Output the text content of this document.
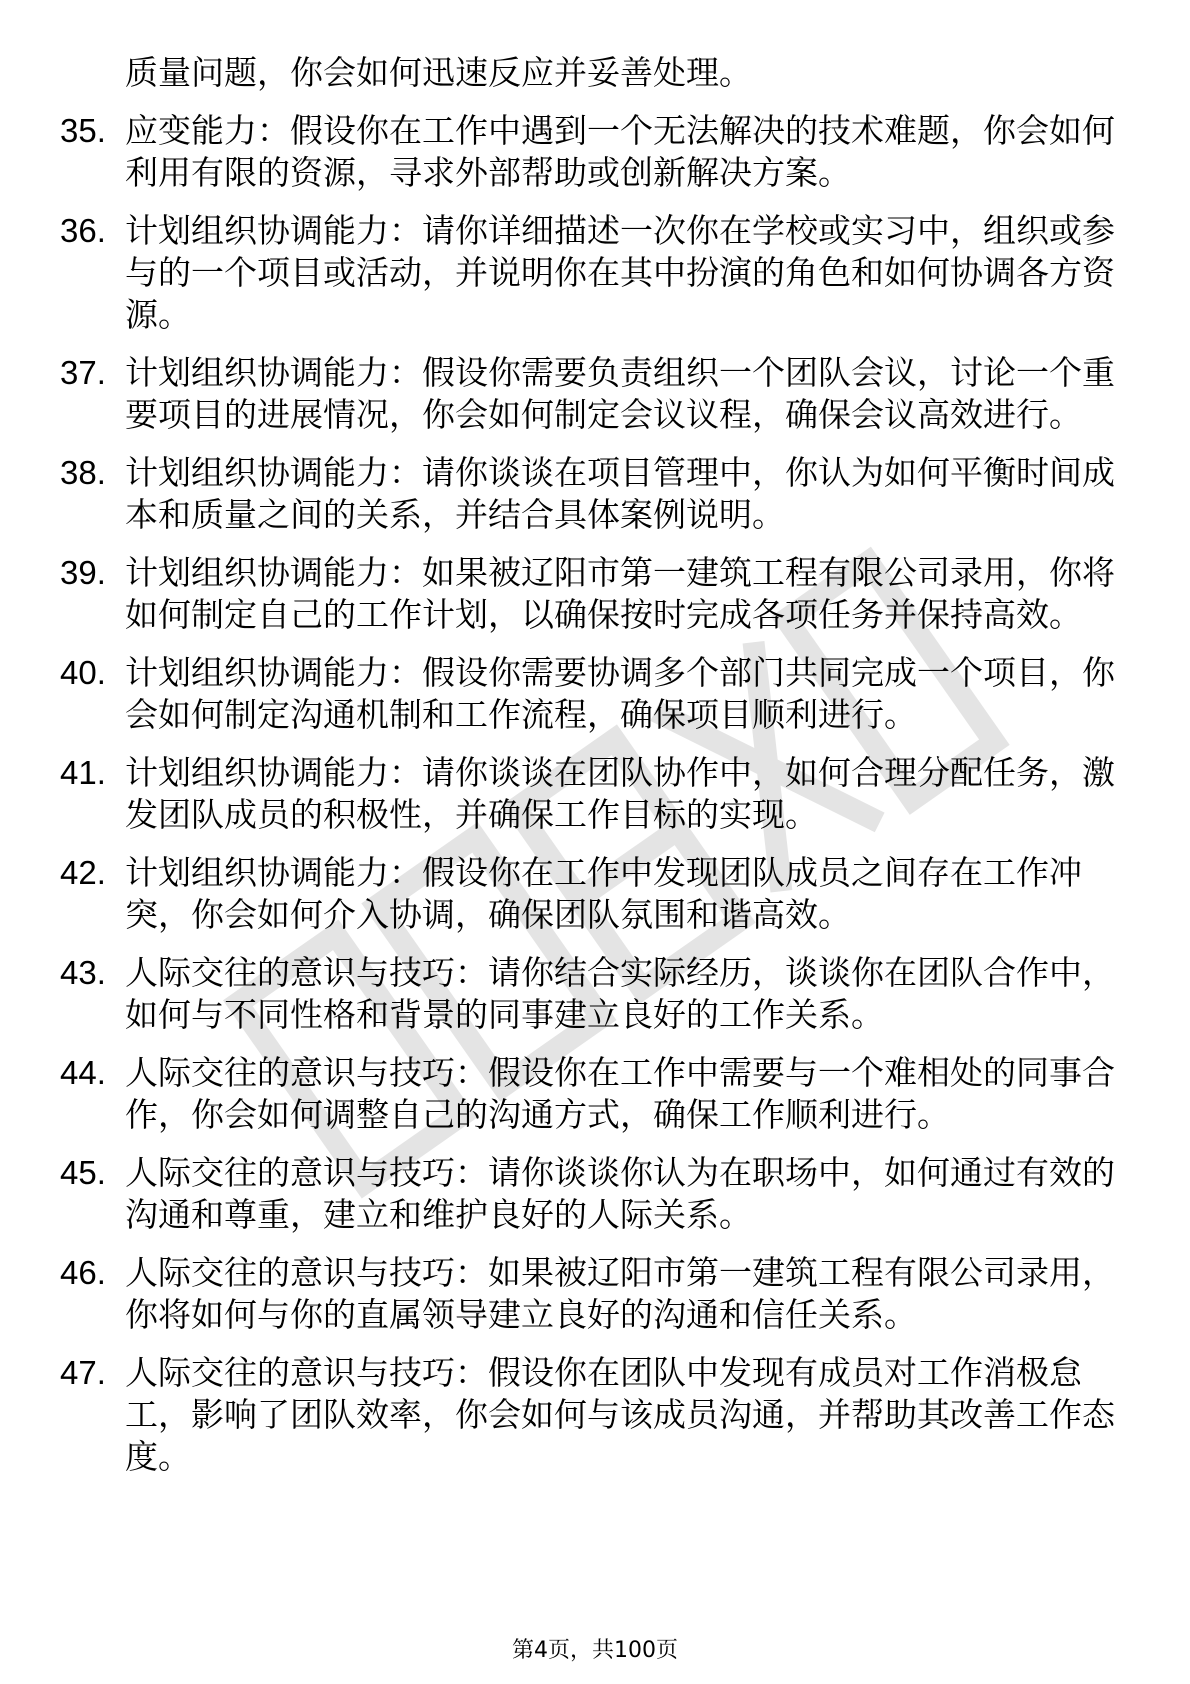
质量问题，你会如何迅速反应并妥善处理。
35. 应变能力：假设你在工作中遇到一个无法解决的技术难题，你会如何利用有限的资源，寻求外部帮助或创新解决方案。
36. 计划组织协调能力：请你详细描述一次你在学校或实习中，组织或参与的一个项目或活动，并说明你在其中扮演的角色和如何协调各方资源。
37. 计划组织协调能力：假设你需要负责组织一个团队会议，讨论一个重要项目的进展情况，你会如何制定会议议程，确保会议高效进行。
38. 计划组织协调能力：请你谈谈在项目管理中，你认为如何平衡时间成本和质量之间的关系，并结合具体案例说明。
39. 计划组织协调能力：如果被辽阳市第一建筑工程有限公司录用，你将如何制定自己的工作计划，以确保按时完成各项任务并保持高效。
40. 计划组织协调能力：假设你需要协调多个部门共同完成一个项目，你会如何制定沟通机制和工作流程，确保项目顺利进行。
41. 计划组织协调能力：请你谈谈在团队协作中，如何合理分配任务，激发团队成员的积极性，并确保工作目标的实现。
42. 计划组织协调能力：假设你在工作中发现团队成员之间存在工作冲突，你会如何介入协调，确保团队氛围和谐高效。
43. 人际交往的意识与技巧：请你结合实际经历，谈谈你在团队合作中，如何与不同性格和背景的同事建立良好的工作关系。
44. 人际交往的意识与技巧：假设你在工作中需要与一个难相处的同事合作，你会如何调整自己的沟通方式，确保工作顺利进行。
45. 人际交往的意识与技巧：请你谈谈你认为在职场中，如何通过有效的沟通和尊重，建立和维护良好的人际关系。
46. 人际交往的意识与技巧：如果被辽阳市第一建筑工程有限公司录用，你将如何与你的直属领导建立良好的沟通和信任关系。
47. 人际交往的意识与技巧：假设你在团队中发现有成员对工作消极怠工，影响了团队效率，你会如何与该成员沟通，并帮助其改善工作态度。
第4页，共100页
